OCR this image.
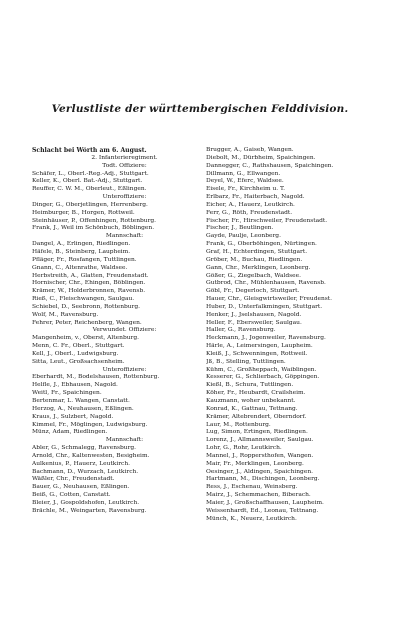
Verlustliste der württembergischen Felddivision.
Schlacht bei Wörth am 6. August.
2. Infanterieregiment.
Todt. Offiziere:
Schäfer, L., Oberl.-Reg.-Adj., Stuttgart.
Keller, K., Oberl. Bat.-Adj., Stuttgart.
Reuffer, C. W. M., Oberleut., Eßlingen.
Unteroffiziere:
Dinger, G., Oberjetlingen, Herrenberg.
Heimburger, B., Horgen, Rottweil.
Steinhäuser, P., Offenhingen, Rottenburg.
Frank, J., Weil im Schönbuch, Böblingen.
Mannschaft:
Dangel, A., Erlingen, Riedlingen.
Häfele, B., Steinberg, Laupheim.
Pfläger, Fr., Rosfangen, Tuttlingen.
Gnann, C., Altenrathe, Waldsee.
Herbstreith, A., Glatten, Freudenstadt.
Hornischer, Chr., Ehingen, Böblingen.
Krämer, W., Holderbronnen, Ravensb.
Rieß, C., Fleischwangen, Saulgau.
Schiebel, D., Seebronn, Rottenburg.
Wolf, M., Ravensburg.
Fehrer, Peter, Reichenberg, Wangen.
Verwundet. Offiziere:
Mangenheim, v., Oberst, Altenburg.
Menn, C. Fr., Oberl., Stuttgart.
Kell, J., Oberl., Ludwigsburg.
Sitta, Leut., Großsachsenheim.
Unteroffiziere:
Eberhardt, M., Bodelshausen, Rottenburg.
Helfle, J., Ebhausen, Nagold.
Weitl, Fr., Spaichingen.
Bertenmar, L. Wangen, Canstatt.
Herzog, A., Neuhausen, Eßlingen.
Kraus, J., Sulzbert, Nagold.
Kimmel, Fr., Möglingen, Ludwigsburg.
Münz, Adam, Riedlingen.
Mannschaft:
Abler, G., Schmalegg, Ravensburg.
Arnold, Chr., Kaltenwesten, Besigheim.
Aulkenius, P., Hauerz, Leutkirch.
Bachmann, D., Wurzach, Leutkirch.
Wäßler, Chr., Freudenstadt.
Bauer, G., Neuhausen, Eßlingen.
Beiß, G., Cotten, Canstatt.
Bleier, J., Gospoldshofen, Leutkirch.
Brächle, M., Weingarten, Ravensburg.
Brugger, A., Gaiseb, Wangen.
Diebolt, M., Dürbheim, Spaichingen.
Dannegger, C., Rathshausen, Spaichingen.
Dillmann, G., Ellwangen.
Deyel, W., Eferc, Waldsee.
Eisele, Fr., Kirchheim u. T.
Erlbarz, Fr., Haiterbach, Nagold.
Eicher, A., Hauerz, Leutkirch.
Ferr, G., Röth, Freudenstadt.
Fischer, Fr., Hirschweiler, Freudenstadt.
Fischer, J., Beutlingen.
Gayde, Paulje, Leonberg.
Frank, G., Oberböhingen, Nürtingen.
Graf, H., Echterdingen, Stuttgart.
Gröber, M., Buchau, Riedlingen.
Gann, Chr., Merklingen, Leonberg.
Gößer, G., Ziegelbach, Waldsee.
Gutbrod, Chr., Mühlenhausen, Ravensb.
Göbl, Fr., Degerloch, Stuttgart.
Hauer, Chr., Gleisgwirtsweiler, Freudenst.
Huber, D., Unterfalkmingen, Stuttgart.
Henker, J., Jselshausen, Nagold.
Heller, F., Ebersweiler, Saulgau.
Haller, G., Ravensburg.
Heckmann, J., Jogenweiler, Ravensburg.
Härle, A., Leimersingen, Laupheim.
Kleiß, J., Schwenningen, Rottweil.
Jß, B., Stelling, Tuttlingen.
Kühm, C., Großheppach, Waiblingen.
Kesserer, G., Schlierbach, Göppingen.
Kießl, B., Schura, Tuttlingen.
Köher, Fr., Heubardt, Crailsheim.
Kauzmann, woher unbekannt.
Konrad, K., Gattnau, Tettnang.
Krämer, Altebrendert, Oberndorf.
Laur, M., Rottenburg.
Lug, Simon, Ertingen, Riedlingen.
Lorenz, J., Allmannsweiler, Saulgau.
Lohr, G., Rohr, Leutkirch.
Mannel, J., Roppersthofen, Wangen.
Mair, Fr., Merklingen, Leonberg.
Oesinger, J., Aldingen, Spaichingen.
Hartmann, M., Dischingen, Leonberg.
Ress, J., Eschenau, Weinsberg.
Mairz, J., Schemmachen, Biberach.
Maier, J., Großschaffhausen, Laupheim.
Weissenhardt, Ed., Leonau, Tettnang.
Münch, K., Neuerz, Leutkirch.
